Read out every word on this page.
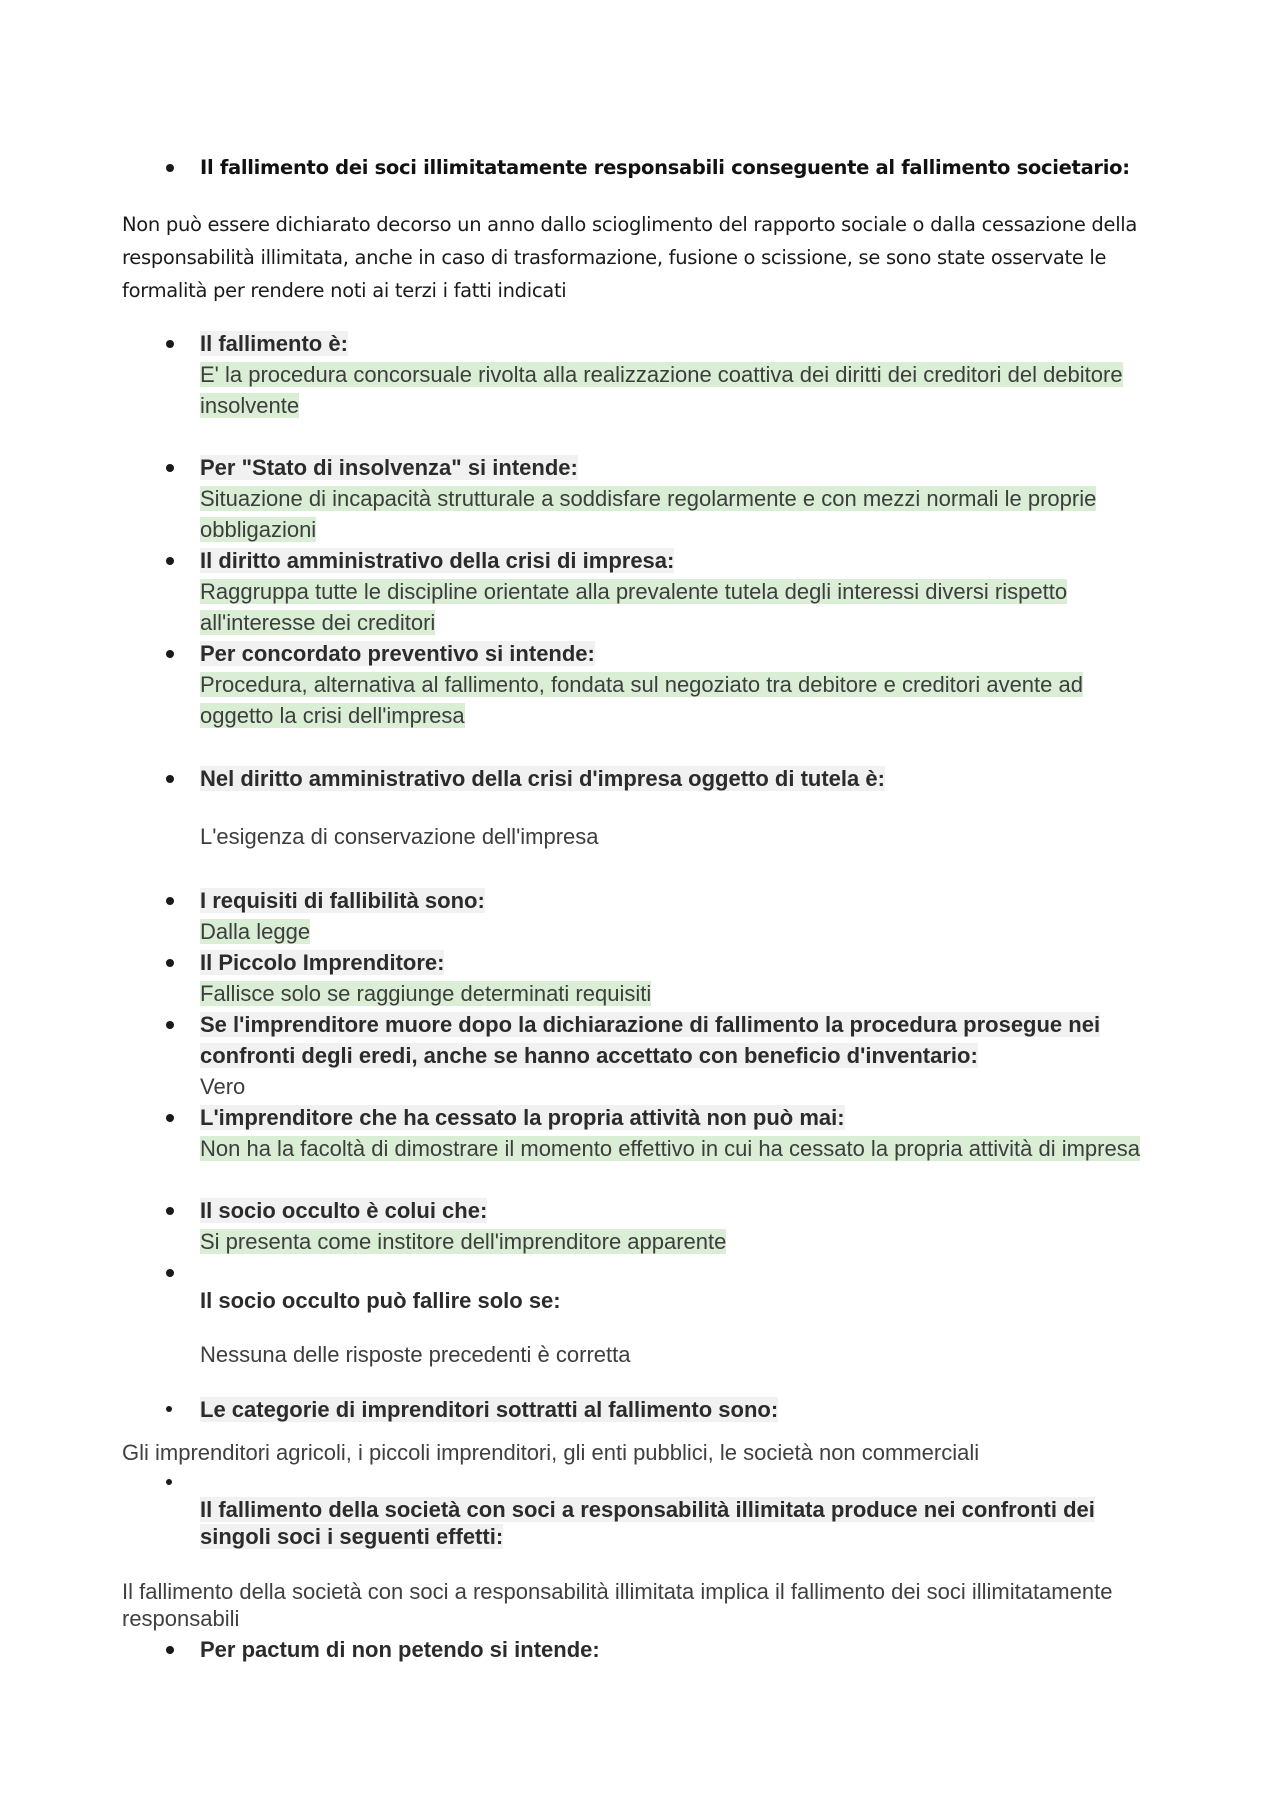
Il fallimento dei soci illimitatamente responsabili conseguente al fallimento societario:
Non può essere dichiarato decorso un anno dallo scioglimento del rapporto sociale o dalla cessazione della responsabilità illimitata, anche in caso di trasformazione, fusione o scissione, se sono state osservate le formalità per rendere noti ai terzi i fatti indicati
Il fallimento è:
E' la procedura concorsuale rivolta alla realizzazione coattiva dei diritti dei creditori del debitore insolvente
Per "Stato di insolvenza" si intende:
Situazione di incapacità strutturale a soddisfare regolarmente e con mezzi normali le proprie obbligazioni
Il diritto amministrativo della crisi di impresa:
Raggruppa tutte le discipline orientate alla prevalente tutela degli interessi diversi rispetto all'interesse dei creditori
Per concordato preventivo si intende:
Procedura, alternativa al fallimento, fondata sul negoziato tra debitore e creditori avente ad oggetto la crisi dell'impresa
Nel diritto amministrativo della crisi d'impresa oggetto di tutela è:
L'esigenza di conservazione dell'impresa
I requisiti di fallibilità sono:
Dalla legge
Il Piccolo Imprenditore:
Fallisce solo se raggiunge determinati requisiti
Se l'imprenditore muore dopo la dichiarazione di fallimento la procedura prosegue nei confronti degli eredi, anche se hanno accettato con beneficio d'inventario:
Vero
L'imprenditore che ha cessato la propria attività non può mai:
Non ha la facoltà di dimostrare il momento effettivo in cui ha cessato la propria attività di impresa
Il socio occulto è colui che:
Si presenta come institore dell'imprenditore apparente
Il socio occulto può fallire solo se:
Nessuna delle risposte precedenti è corretta
Le categorie di imprenditori sottratti al fallimento sono:
Gli imprenditori agricoli, i piccoli imprenditori, gli enti pubblici, le società non commerciali
Il fallimento della società con soci a responsabilità illimitata produce nei confronti dei singoli soci i seguenti effetti:
Il fallimento della società con soci a responsabilità illimitata implica il fallimento dei soci illimitatamente responsabili
Per pactum di non petendo si intende:
